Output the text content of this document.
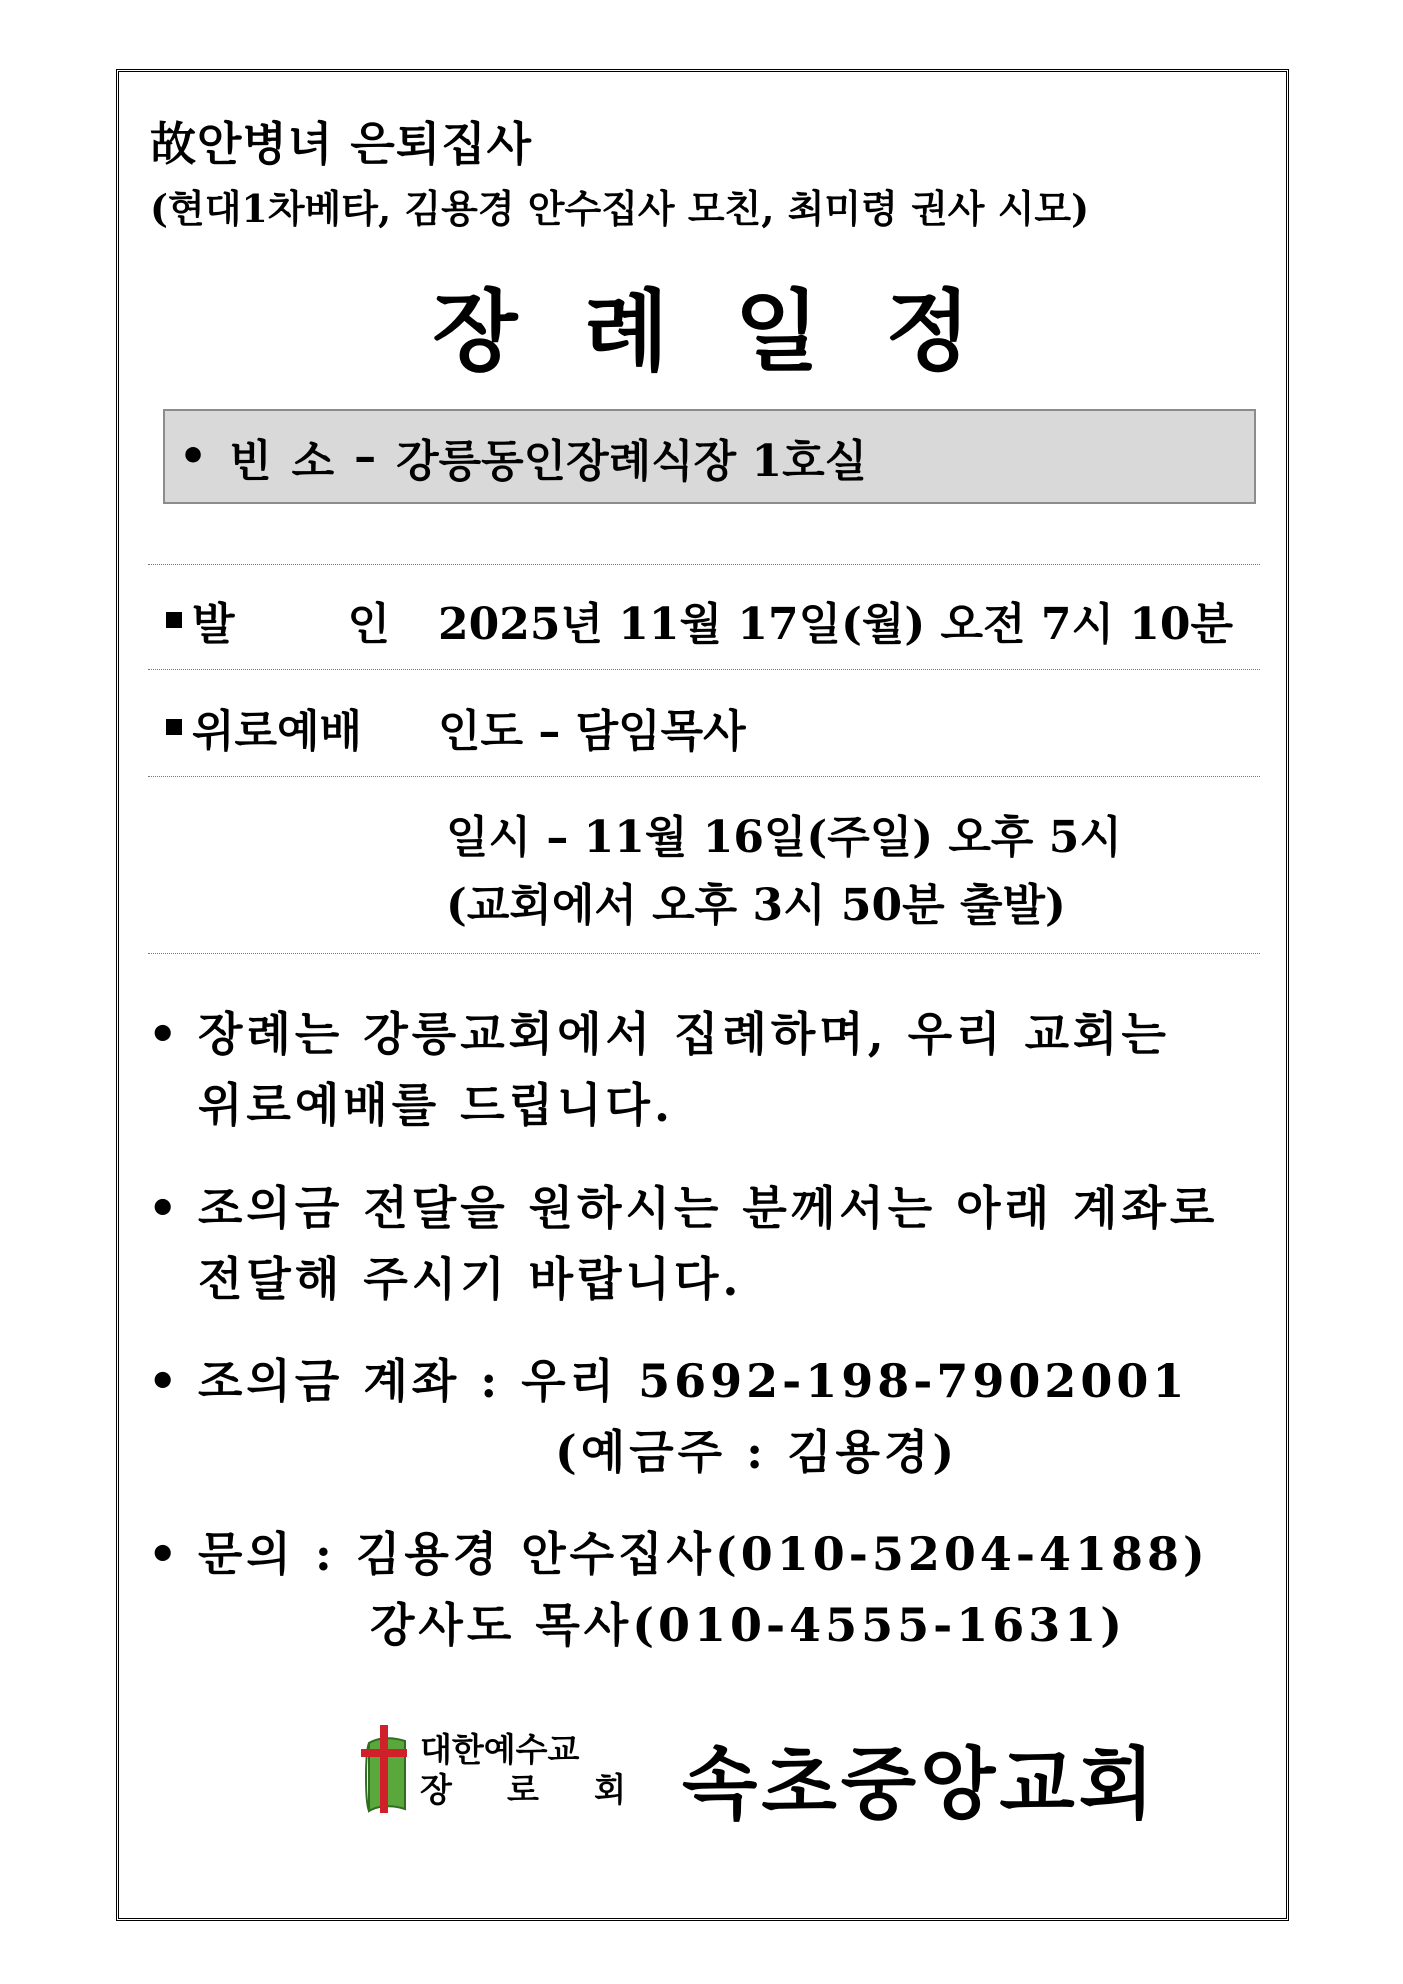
故안병녀 은퇴집사
(현대1차베타, 김용경 안수집사 모친, 최미령 권사 시모)
장례일정
• 빈 소 – 강릉동인장례식장 1호실
발	인 2025년 11월 17일(월) 오전 7시 10분
위로예배	인도 – 담임목사
일시 – 11월 16일(주일) 오후 5시
(교회에서 오후 3시 50분 출발)
• 장례는 강릉교회에서 집례하며, 우리 교회는
위로예배를 드립니다.
• 조의금 전달을 원하시는 분께서는 아래 계좌로
전달해 주시기 바랍니다.
• 조의금 계좌 : 우리 5692-198-7902001
(예금주 : 김용경)
• 문의 : 김용경 안수집사(010-5204-4188)
강사도 목사(010-4555-1631)
대한예수교
장 로 회 속초중앙교회
